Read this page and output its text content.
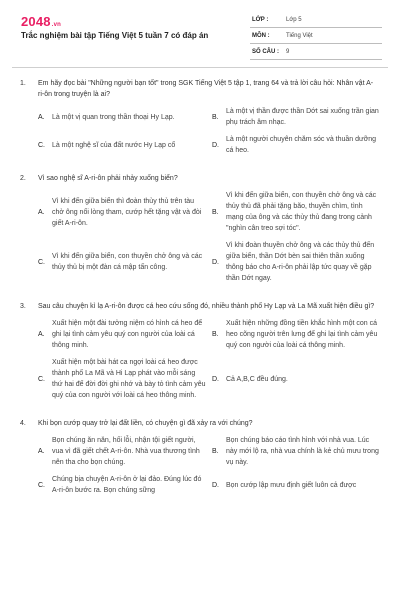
2048.vn
Trắc nghiệm bài tập Tiếng Việt 5 tuần 7 có đáp án
LỚP :	Lớp 5
MÔN :	Tiếng Việt
SỐ CÂU :	9
1.	Em hãy đọc bài "Những người bạn tốt" trong SGK Tiếng Việt 5 tập 1, trang 64 và trả lời câu hỏi: Nhân vật A-ri-ôn trong truyện là ai?
A.	Là một vị quan trong thần thoại Hy Lạp.	B.
Là một vị thần được thần Dớt sai xuống trần gian phụ trách âm nhạc.
C.	Là một nghệ sĩ của đất nước Hy Lạp cổ	D.
Là một người chuyên chăm sóc và thuần dưỡng cá heo.
2.	Vì sao nghệ sĩ A-ri-ôn phải nhảy xuống biển?
A.
Vì khi đến giữa biển thì đoàn thủy thủ trên tàu chở ông nổi lòng tham, cướp hết tặng vật và đòi giết A-ri-ôn.
B.
Vì khi đến giữa biển, con thuyền chở ông và các thủy thủ đã phải tặng bão, thuyền chìm, tình mạng của ông và các thủy thủ đang trong cảnh "nghìn cân treo sợi tóc".
C.
Vì khi đến giữa biển, con thuyền chở ông và các thủy thủ bị một đàn cá mập tấn công.
D.
Vì khi đoàn thuyền chở ông và các thủy thủ đến giữa biển, thần Dớt bèn sai thiên thần xuống thông báo cho A-ri-ôn phải lập tức quay về gặp thần Dớt ngay.
3.	Sau câu chuyện kì lạ A-ri-ôn được cá heo cứu sống đó, nhiều thành phố Hy Lạp và La Mã xuất hiện điều gì?
A.
Xuất hiện một đài tưởng niệm có hình cá heo để ghi lại tình cảm yêu quý con người của loài cá thông minh.
B.
Xuất hiện những đồng tiền khắc hình một con cá heo cõng người trên lưng để ghi lại tình cảm yêu quý con người của loài cá thông minh.
C.
Xuất hiện một bài hát ca ngợi loài cá heo được thành phố La Mã và Hi Lạp phát vào mỗi sáng thứ hai để đời đời ghi nhớ và bày tỏ tình cảm yêu quý của con người với loài cá heo thông minh.
D.	Cả A,B,C đều đúng.
4.	Khi bọn cướp quay trở lại đất liền, có chuyện gì đã xảy ra với chúng?
A.
Bọn chúng ăn năn, hối lỗi, nhận tội giết người, vua vì đã giết chết A-ri-ôn. Nhà vua thương tình nên tha cho bọn chúng.
B.
Bọn chúng báo cáo tình hình với nhà vua. Lúc này mới lộ ra, nhà vua chính là kẻ chủ mưu trong vụ này.
C.
Chúng bịa chuyện A-ri-ôn ở lại đảo. Đúng lúc đó A-ri-ôn bước ra. Bọn chúng sững
D.	Bọn cướp lập mưu định giết luôn cả được
